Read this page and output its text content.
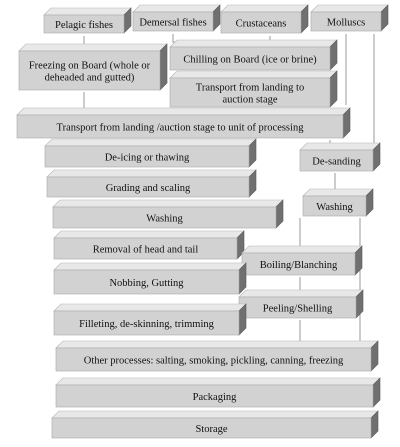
Pelagic fishes	Demersal fishes	Crustaceans	Molluscs
Freezing on Board (whole or deheaded and gutted)
Chilling on Board (ice or brine)
Transport from landing to auction stage
Transport from landing /auction stage to unit of processing
De-icing or thawing	De-sanding
Grading and scaling
Washing
Washing
Removal of head and tail
Boiling/Blanching
Nobbing, Gutting
Peeling/Shelling
Filleting, de-skinning, trimming
Other processes: salting, smoking, pickling, canning, freezing
Packaging
Storage
